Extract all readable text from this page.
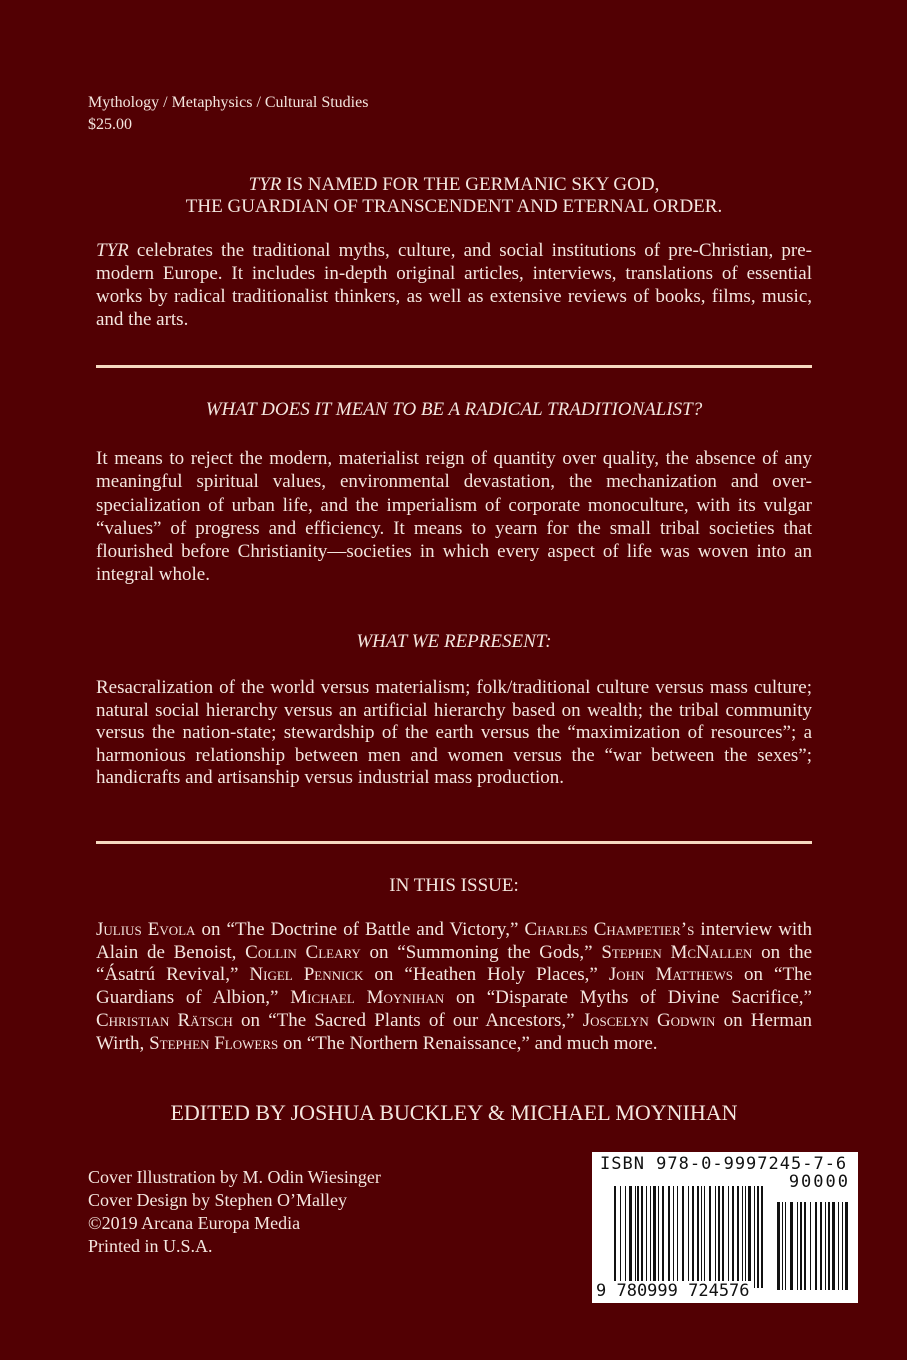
Mythology / Metaphysics / Cultural Studies
$25.00
TYR IS NAMED FOR THE GERMANIC SKY GOD,
THE GUARDIAN OF TRANSCENDENT AND ETERNAL ORDER.
TYR celebrates the traditional myths, culture, and social institutions of pre-Christian, pre-modern Europe. It includes in-depth original articles, interviews, translations of essential works by radical traditionalist thinkers, as well as extensive reviews of books, films, music, and the arts.
WHAT DOES IT MEAN TO BE A RADICAL TRADITIONALIST?
It means to reject the modern, materialist reign of quantity over quality, the absence of any meaningful spiritual values, environmental devastation, the mechanization and over-specialization of urban life, and the imperialism of corporate monoculture, with its vulgar “values” of progress and efficiency. It means to yearn for the small tribal societies that flourished before Christianity—societies in which every aspect of life was woven into an integral whole.
WHAT WE REPRESENT:
Resacralization of the world versus materialism; folk/traditional culture versus mass culture; natural social hierarchy versus an artificial hierarchy based on wealth; the tribal community versus the nation-state; stewardship of the earth versus the “maximization of resources”; a harmonious relationship between men and women versus the “war between the sexes”; handicrafts and artisanship versus industrial mass production.
IN THIS ISSUE:
Julius Evola on “The Doctrine of Battle and Victory,” Charles Champetier’s interview with Alain de Benoist, Collin Cleary on “Summoning the Gods,” Stephen McNallen on the “Ásatrú Revival,” Nigel Pennick on “Heathen Holy Places,” John Matthews on “The Guardians of Albion,” Michael Moynihan on “Disparate Myths of Divine Sacrifice,” Christian Rätsch on “The Sacred Plants of our Ancestors,” Joscelyn Godwin on Herman Wirth, Stephen Flowers on “The Northern Renaissance,” and much more.
EDITED BY JOSHUA BUCKLEY & MICHAEL MOYNIHAN
Cover Illustration by M. Odin Wiesinger
Cover Design by Stephen O’Malley
©2019 Arcana Europa Media
Printed in U.S.A.
ISBN 978-0-9997245-7-6
90000
9 780999 724576
